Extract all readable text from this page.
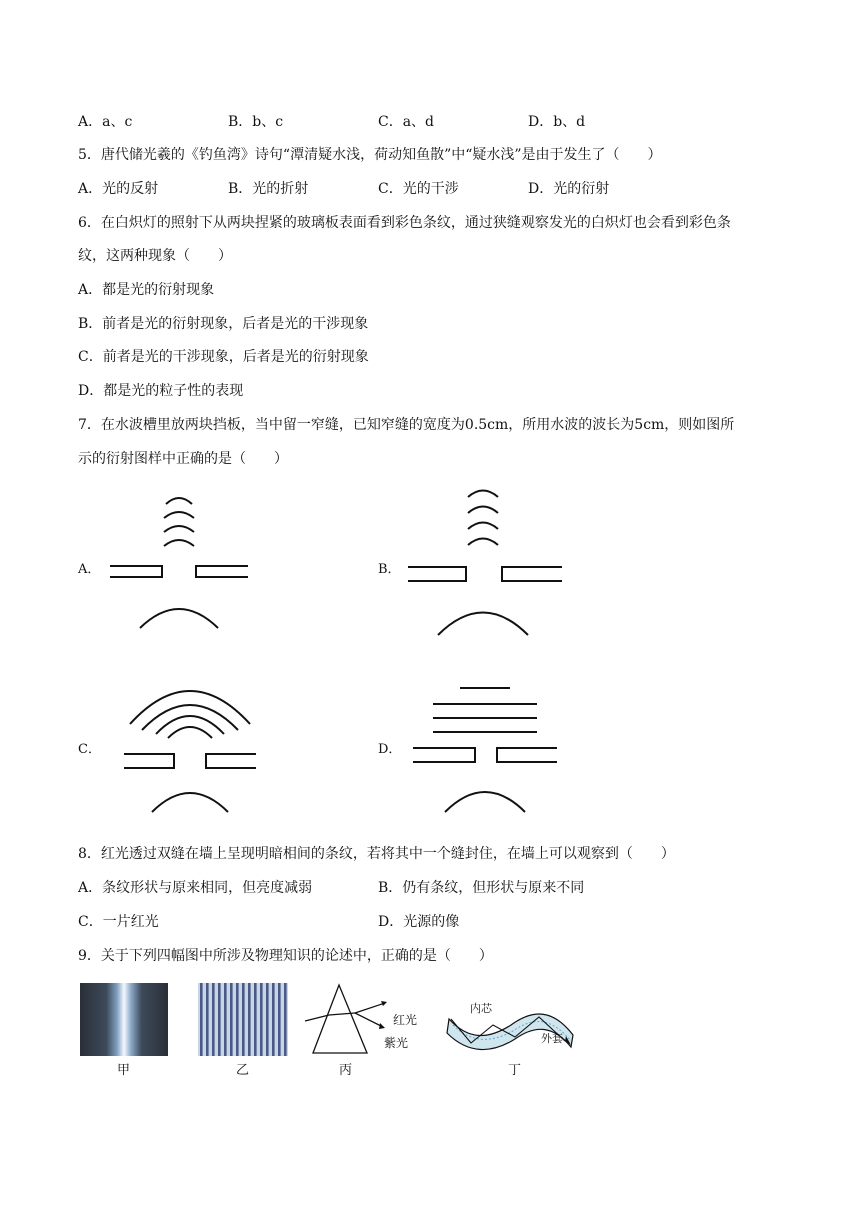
A．a、c	B．b、c	C．a、d	D．b、d
5．唐代储光羲的《钓鱼湾》诗句“潭清疑水浅，荷动知鱼散”中“疑水浅”是由于发生了（　　）
A．光的反射	B．光的折射	C．光的干涉	D．光的衍射
6．在白炽灯的照射下从两块捏紧的玻璃板表面看到彩色条纹，通过狭缝观察发光的白炽灯也会看到彩色条
纹，这两种现象（　　）
A．都是光的衍射现象
B．前者是光的衍射现象，后者是光的干涉现象
C．前者是光的干涉现象，后者是光的衍射现象
D．都是光的粒子性的表现
7．在水波槽里放两块挡板，当中留一窄缝，已知窄缝的宽度为0.5cm，所用水波的波长为5cm，则如图所
示的衍射图样中正确的是（　　）
A．	B．
C．	D．
8．红光透过双缝在墙上呈现明暗相间的条纹，若将其中一个缝封住，在墙上可以观察到（　　）
A．条纹形状与原来相同，但亮度减弱	B．仍有条纹，但形状与原来不同
C．一片红光	D．光源的像
9．关于下列四幅图中所涉及物理知识的论述中，正确的是（　　）
甲	乙
红光
紫光
丙
内芯
外套
丁
